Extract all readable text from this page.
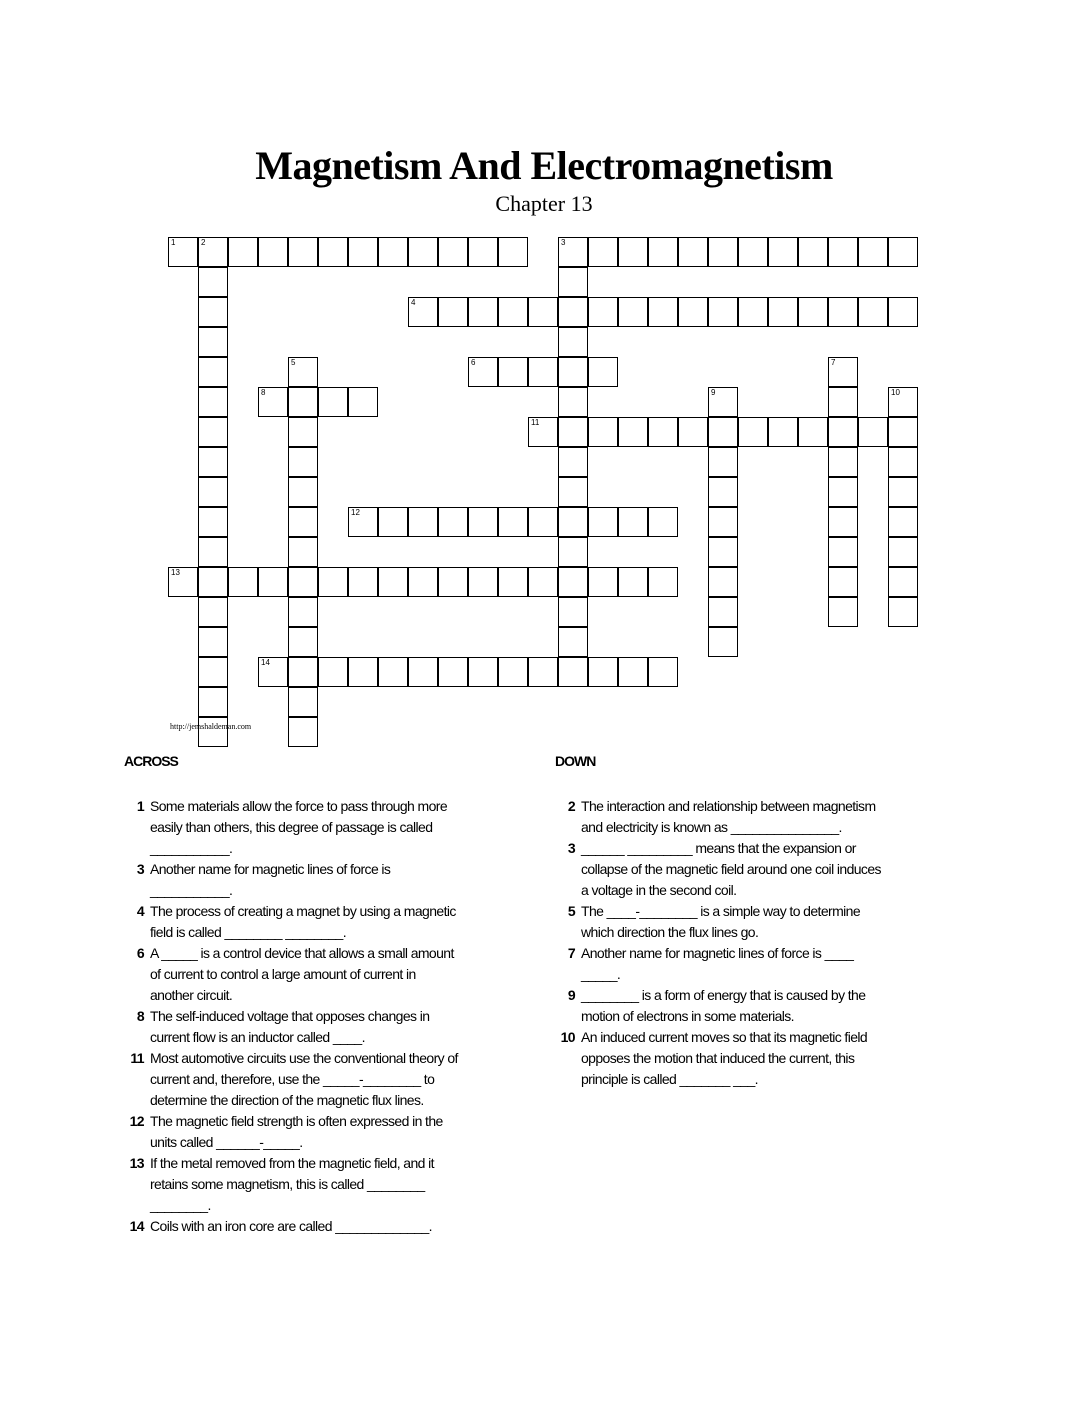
Magnetism And Electromagnetism
Chapter 13
1	2	3
4
6
8
11
12
13
14
5	7
9	10
http://jemshaldeman.com
ACROSS	DOWN
1 Some materials allow the force to pass through more easily than others, this degree of passage is called ___________.
3 Another name for magnetic lines of force is ___________.
4 The process of creating a magnet by using a magnetic field is called ________ ________.
6 A _____ is a control device that allows a small amount of current to control a large amount of current in another circuit.
8 The self-induced voltage that opposes changes in current flow is an inductor called ____.
11 Most automotive circuits use the conventional theory of current and, therefore, use the _____-________ to determine the direction of the magnetic flux lines.
12 The magnetic field strength is often expressed in the units called ______-_____.
13 If the metal removed from the magnetic field, and it retains some magnetism, this is called ________ ________.
14 Coils with an iron core are called _____________.
2 The interaction and relationship between magnetism and electricity is known as _______________.
3 ______ _________ means that the expansion or collapse of the magnetic field around one coil induces a voltage in the second coil.
5 The ____-________ is a simple way to determine which direction the flux lines go.
7 Another name for magnetic lines of force is ____ _____.
9 ________ is a form of energy that is caused by the motion of electrons in some materials.
10 An induced current moves so that its magnetic field opposes the motion that induced the current, this principle is called _______ ___.
